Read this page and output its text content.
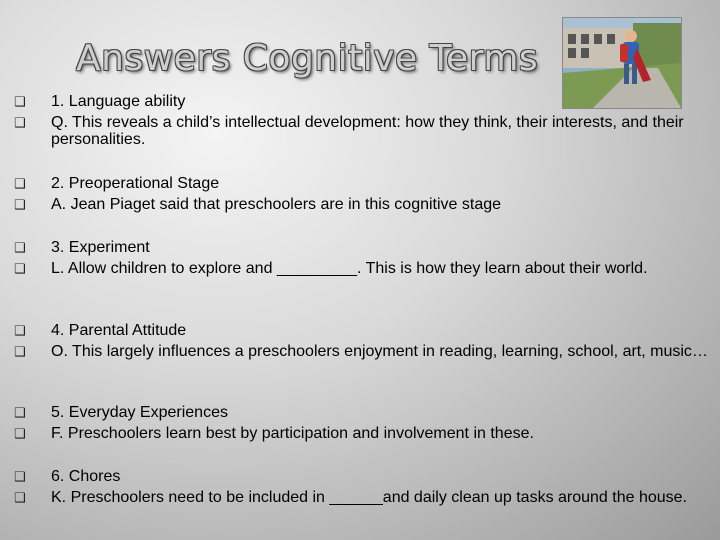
Answers Cognitive Terms
❑ 1. Language ability
❑ Q. This reveals a child’s intellectual development: how they think, their interests, and their personalities.
❑ 2. Preoperational Stage
❑ A. Jean Piaget said that preschoolers are in this cognitive stage
❑ 3. Experiment
❑ L. Allow children to explore and _________. This is how they learn about their world.
❑ 4. Parental Attitude
❑ O. This largely influences a preschoolers enjoyment in reading, learning, school, art, music…
❑ 5. Everyday Experiences
❑ F. Preschoolers learn best by participation and involvement in these.
❑ 6. Chores
❑ K. Preschoolers need to be included in ______and daily clean up tasks around the house.
